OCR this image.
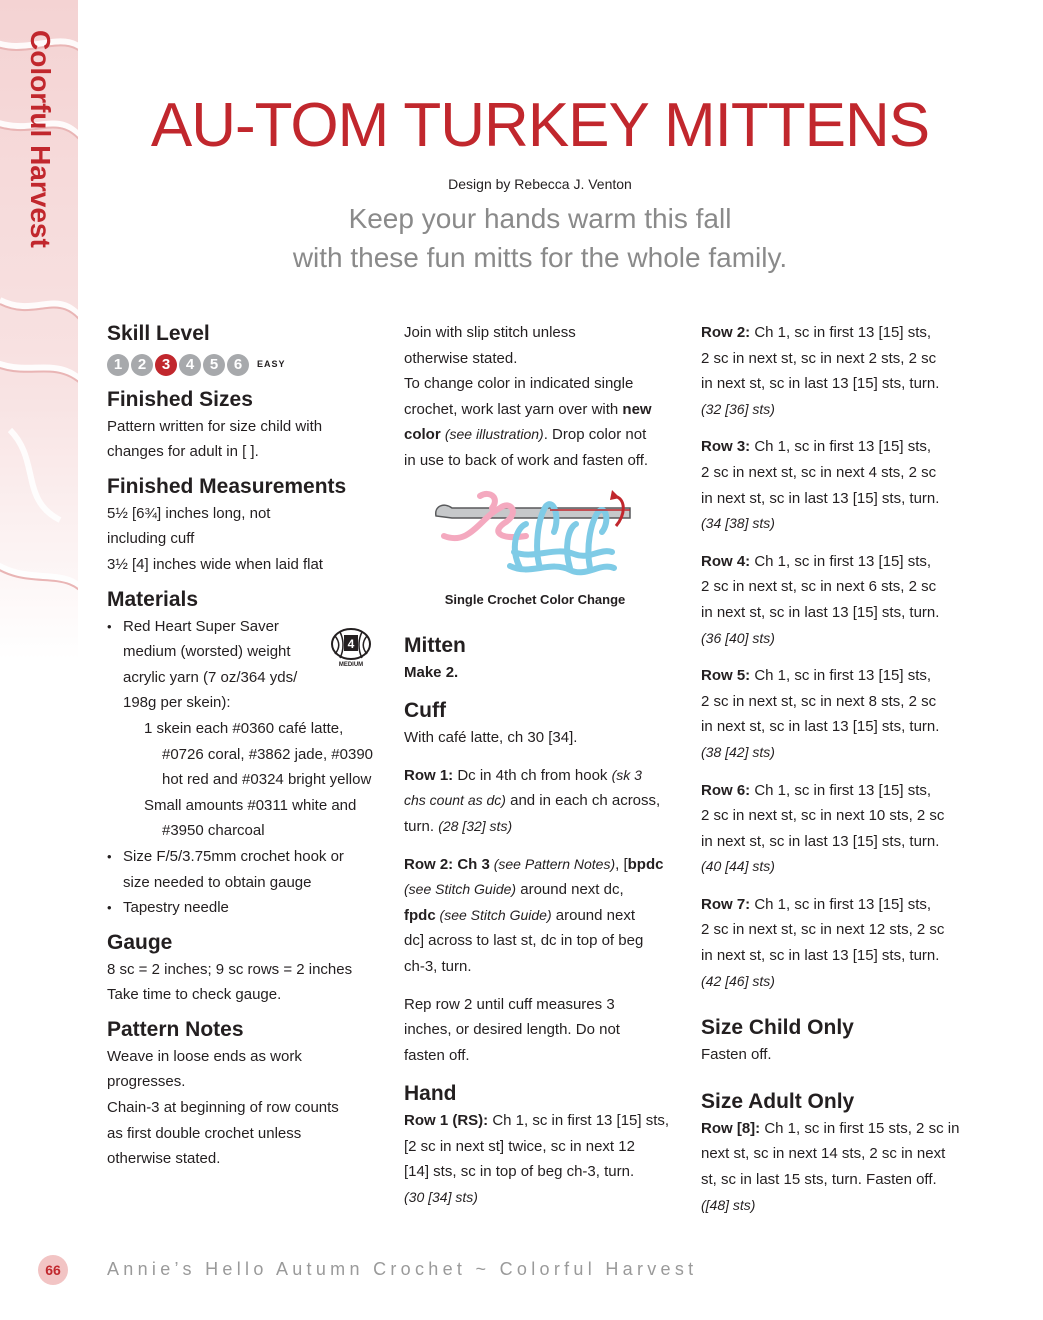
Colorful Harvest	AU-TOM TURKEY MITTENS
Design by Rebecca J. Venton
Keep your hands warm this fall
with these fun mitts for the whole family.
Skill Level
1	2	3	4	5	6	EASY
Finished Sizes

Pattern written for size child with

changes for adult in [ ].

Finished Measurements

5½ [6¾] inches long, not

including cuff

3½ [4] inches wide when laid flat

Materials
• Red Heart Super Saver
medium (worsted) weight
acrylic yarn (7 oz/364 yds/
198g per skein):
1 skein each #0360 café latte,
#0726 coral, #3862 jade, #0390
hot red and #0324 bright yellow
Small amounts #0311 white and
#3950 charcoal
• Size F/5/3.75mm crochet hook or
size needed to obtain gauge
• Tapestry needle
Gauge

8 sc = 2 inches; 9 sc rows = 2 inches

Take time to check gauge.

Pattern Notes

Weave in loose ends as work

progresses.

Chain-3 at beginning of row counts

as first double crochet unless

otherwise stated.

4
MEDIUM

Join with slip stitch unless

otherwise stated.

To change color in indicated single

crochet, work last yarn over with new

color (see illustration). Drop color not

in use to back of work and fasten off.

Mitten

Make 2.

Cuff

With café latte, ch 30 [34].

Row 1: Dc in 4th ch from hook (sk 3

chs count as dc) and in each ch across,

turn. (28 [32] sts)

Row 2: Ch 3 (see Pattern Notes), [bpdc

(see Stitch Guide) around next dc,

fpdc (see Stitch Guide) around next

dc] across to last st, dc in top of beg

ch-3, turn.

Rep row 2 until cuff measures 3

inches, or desired length. Do not

fasten off.

Hand

Row 1 (RS): Ch 1, sc in first 13 [15] sts,

[2 sc in next st] twice, sc in next 12

[14] sts, sc in top of beg ch-3, turn.

(30 [34] sts)

Single Crochet Color Change

Row 2: Ch 1, sc in first 13 [15] sts,

2 sc in next st, sc in next 2 sts, 2 sc

in next st, sc in last 13 [15] sts, turn.

(32 [36] sts)

Row 3: Ch 1, sc in first 13 [15] sts,

2 sc in next st, sc in next 4 sts, 2 sc

in next st, sc in last 13 [15] sts, turn.

(34 [38] sts)

Row 4: Ch 1, sc in first 13 [15] sts,

2 sc in next st, sc in next 6 sts, 2 sc

in next st, sc in last 13 [15] sts, turn.

(36 [40] sts)

Row 5: Ch 1, sc in first 13 [15] sts,

2 sc in next st, sc in next 8 sts, 2 sc

in next st, sc in last 13 [15] sts, turn.

(38 [42] sts)

Row 6: Ch 1, sc in first 13 [15] sts,

2 sc in next st, sc in next 10 sts, 2 sc

in next st, sc in last 13 [15] sts, turn.

(40 [44] sts)

Row 7: Ch 1, sc in first 13 [15] sts,

2 sc in next st, sc in next 12 sts, 2 sc

in next st, sc in last 13 [15] sts, turn.

(42 [46] sts)

Size Child Only

Fasten off.

Size Adult Only

Row [8]: Ch 1, sc in first 15 sts, 2 sc in

next st, sc in next 14 sts, 2 sc in next

st, sc in last 15 sts, turn. Fasten off.

([48] sts)

66	Annie’s Hello Autumn Crochet ~ Colorful Harvest
